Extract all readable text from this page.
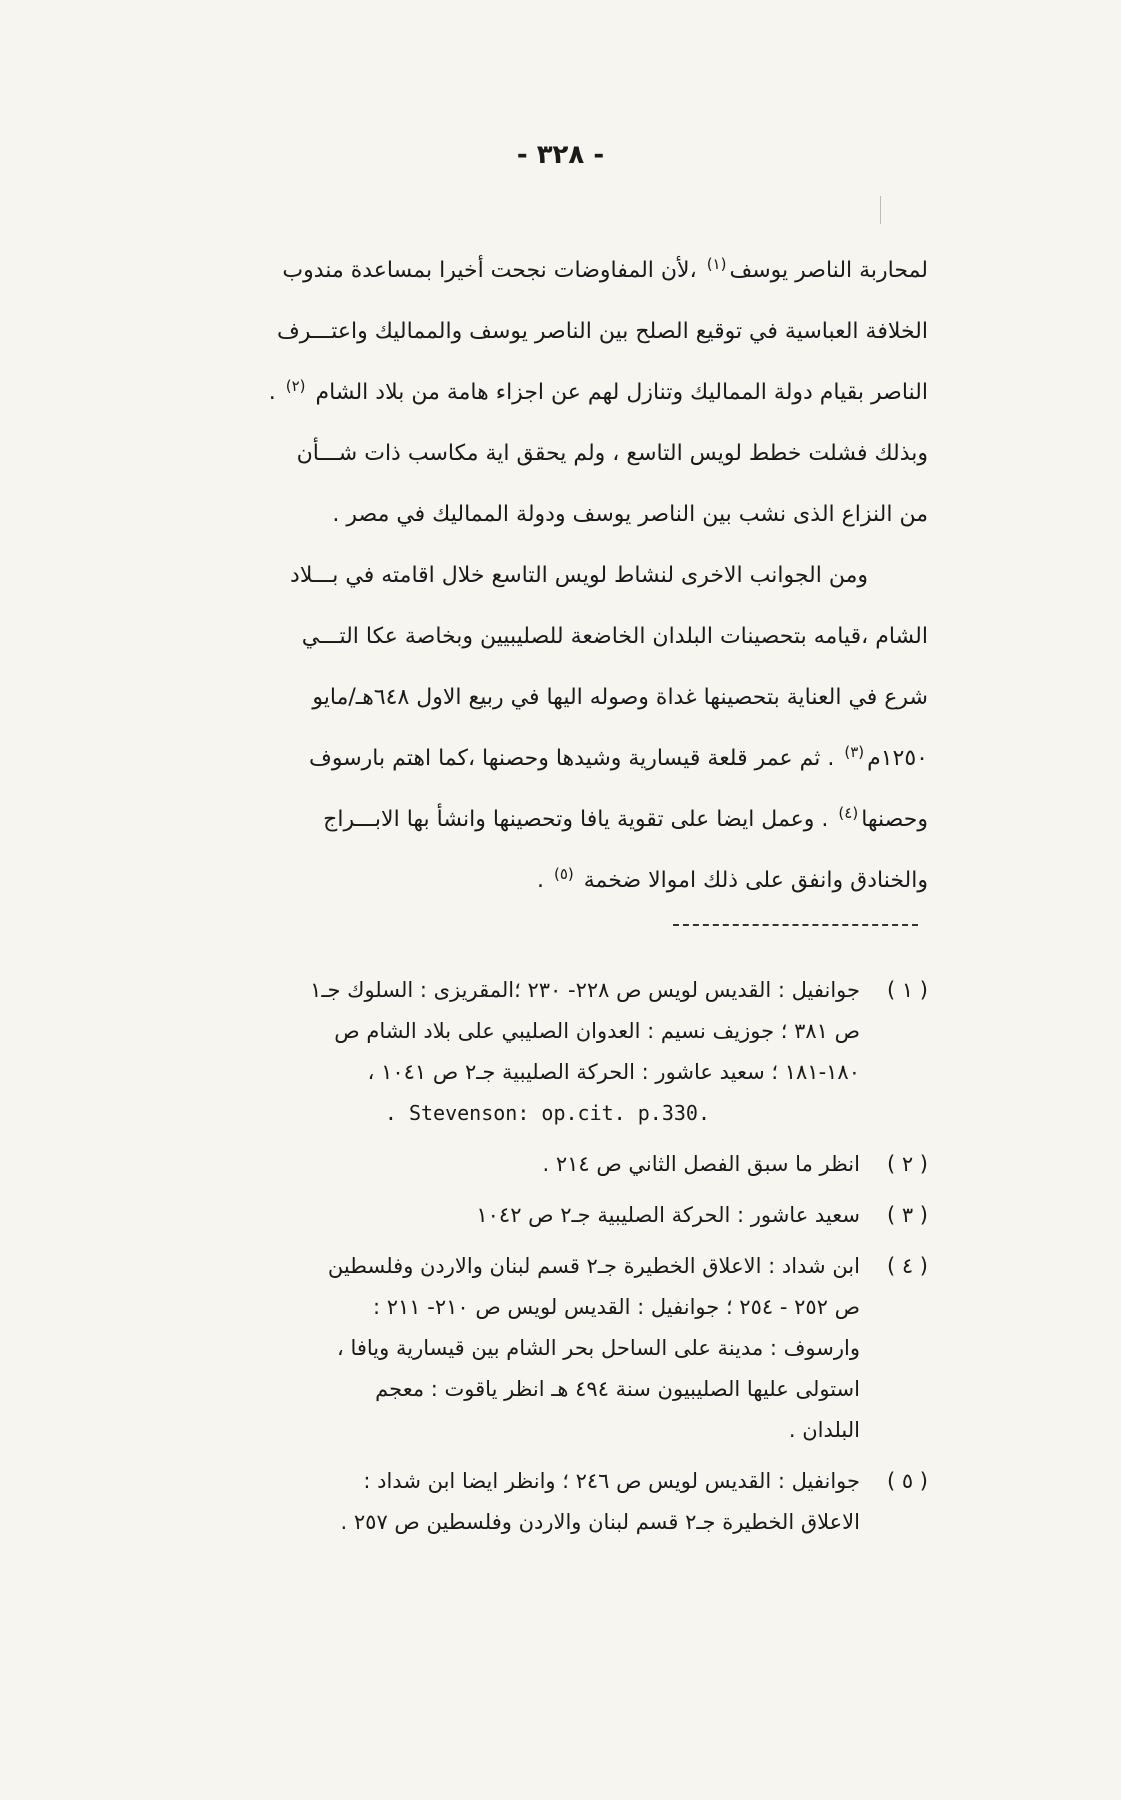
- ٣٢٨ -
لمحاربة الناصر يوسف$^{(١)}$ ،لأن المفاوضات نجحت أخيرا بمساعدة مندوب
الخلافة العباسية في توقيع الصلح بين الناصر يوسف والمماليك واعتـــرف
الناصر بقيام دولة المماليك وتنازل لهم عن اجزاء هامة من بلاد الشام $^{(٢)}$ .
وبذلك فشلت خطط لويس التاسع ، ولم يحقق اية مكاسب ذات شـــأن
من النزاع الذى نشب بين الناصر يوسف ودولة المماليك في مصر .
ومن الجوانب الاخرى لنشاط لويس التاسع خلال اقامته في بـــلاد
الشام ،قيامه بتحصينات البلدان الخاضعة للصليبيين وبخاصة عكا التـــي
شرع في العناية بتحصينها غداة وصوله اليها في ربيع الاول ٦٤٨هـ/مايو
١٢٥٠م$^{(٣)}$ . ثم عمر قلعة قيسارية وشيدها وحصنها ،كما اهتم بارسوف
وحصنها$^{(٤)}$ . وعمل ايضا على تقوية يافا وتحصينها وانشأ بها الابـــراج
والخنادق وانفق على ذلك اموالا ضخمة $^{(٥)}$ .
( ١ )
جوانفيل : القديس لويس ص ٢٢٨- ٢٣٠ ؛المقريزى : السلوك جـ١
ص ٣٨١ ؛ جوزيف نسيم : العدوان الصليبي على بلاد الشام ص
١٨٠-١٨١ ؛ سعيد عاشور : الحركة الصليبية جـ٢ ص ١٠٤١ ،
. Stevenson: op.cit. p.330.
( ٢ )
انظر ما سبق الفصل الثاني ص ٢١٤ .
( ٣ )
سعيد عاشور : الحركة الصليبية جـ٢ ص ١٠٤٢
( ٤ )
ابن شداد : الاعلاق الخطيرة جـ٢ قسم لبنان والاردن وفلسطين
ص ٢٥٢ - ٢٥٤ ؛ جوانفيل : القديس لويس ص ٢١٠- ٢١١ :
وارسوف : مدينة على الساحل بحر الشام بين قيسارية ويافا ،
استولى عليها الصليبيون سنة ٤٩٤ هـ انظر ياقوت : معجم
البلدان .
( ٥ )
جوانفيل : القديس لويس ص ٢٤٦ ؛ وانظر ايضا ابن شداد :
الاعلاق الخطيرة جـ٢ قسم لبنان والاردن وفلسطين ص ٢٥٧ .
